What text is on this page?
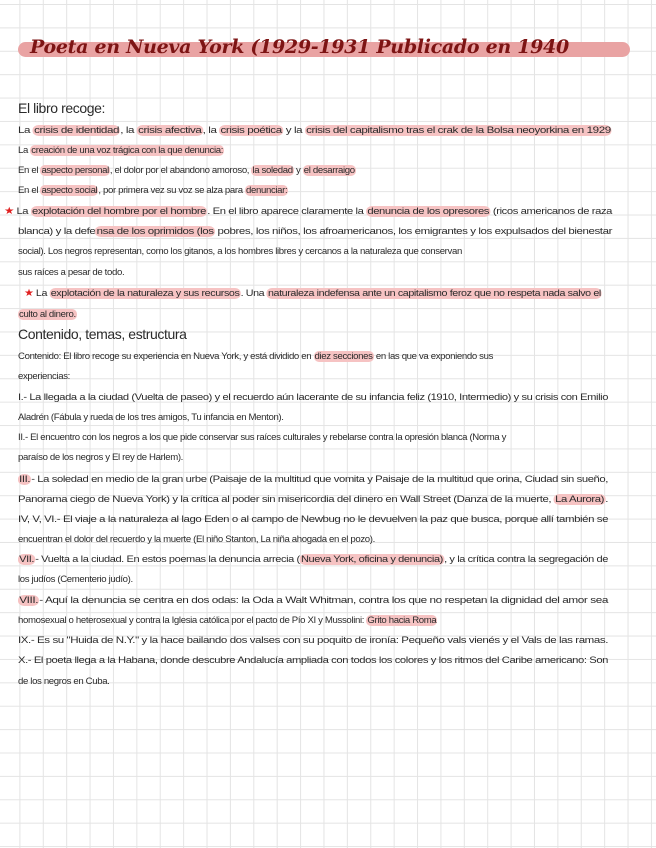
Poeta en Nueva York (1929-1931 Publicado en 1940
El libro recoge:
La crisis de identidad, la crisis afectiva, la crisis poética y la crisis del capitalismo tras el crak de la Bolsa neoyorkina en 1929
La creación de una voz trágica con la que denuncia:
En el aspecto personal, el dolor por el abandono amoroso, la soledad y el desarraigo
En el aspecto social, por primera vez su voz se alza para denunciar:
★ La explotación del hombre por el hombre. En el libro aparece claramente la denuncia de los opresores (ricos americanos de raza
blanca) y la defensa de los oprimidos (los pobres, los niños, los afroamericanos, los emigrantes y los expulsados del bienestar
social). Los negros representan, como los gitanos, a los hombres libres y cercanos a la naturaleza que conservan
sus raíces a pesar de todo.
★ La explotación de la naturaleza y sus recursos. Una naturaleza indefensa ante un capitalismo feroz que no respeta nada salvo el
culto al dinero.
Contenido, temas, estructura
Contenido: El libro recoge su experiencia en Nueva York, y está dividido en diez secciones en las que va exponiendo sus
experiencias:
I.- La llegada a la ciudad (Vuelta de paseo) y el recuerdo aún lacerante de su infancia feliz (1910, Intermedio) y su crisis con Emilio
Aladrén (Fábula y rueda de los tres amigos, Tu infancia en Menton).
II.- El encuentro con los negros a los que pide conservar sus raíces culturales y rebelarse contra la opresión blanca (Norma y
paraíso de los negros y El rey de Harlem).
III.- La soledad en medio de la gran urbe (Paisaje de la multitud que vomita y Paisaje de la multitud que orina, Ciudad sin sueño,
Panorama ciego de Nueva York) y la crítica al poder sin misericordia del dinero en Wall Street (Danza de la muerte, La Aurora).
IV, V, VI.- El viaje a la naturaleza al lago Eden o al campo de Newbug no le devuelven la paz que busca, porque allí también se
encuentran el dolor del recuerdo y la muerte (El niño Stanton, La niña ahogada en el pozo).
VII.- Vuelta a la ciudad. En estos poemas la denuncia arrecia (Nueva York, oficina y denuncia), y la crítica contra la segregación de
los judíos (Cementerio judío).
VIII.- Aquí la denuncia se centra en dos odas: la Oda a Walt Whitman, contra los que no respetan la dignidad del amor sea
homosexual o heterosexual y contra la Iglesia católica por el pacto de Pío XI y Mussolini: Grito hacia Roma
IX.- Es su "Huida de N.Y." y la hace bailando dos valses con su poquito de ironía: Pequeño vals vienés y el Vals de las ramas.
X.- El poeta llega a la Habana, donde descubre Andalucía ampliada con todos los colores y los ritmos del Caribe americano: Son
de los negros en Cuba.
